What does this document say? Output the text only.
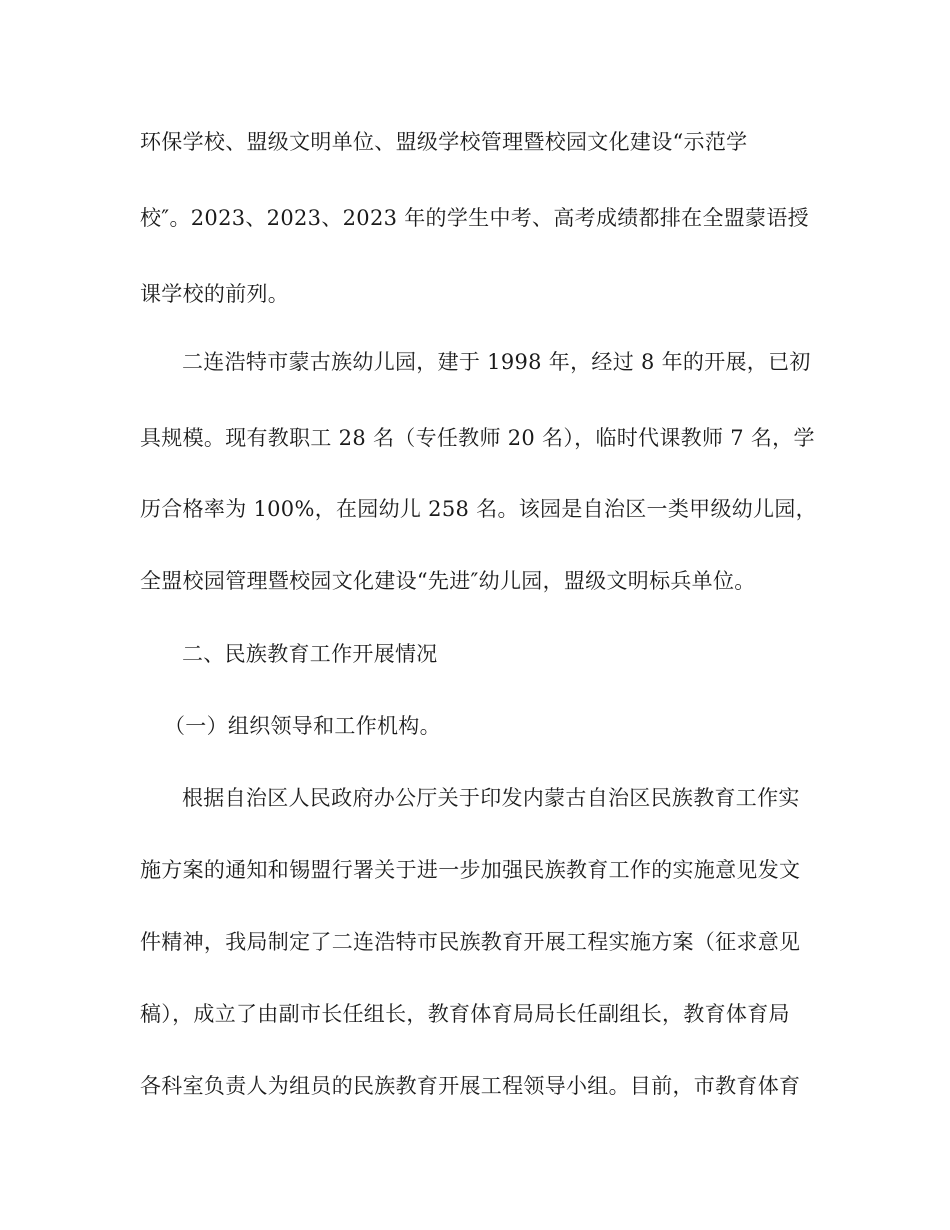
环保学校、盟级文明单位、盟级学校管理暨校园文化建设“示范学

校″。2023、2023、2023 年的学生中考、高考成绩都排在全盟蒙语授

课学校的前列。

二连浩特市蒙古族幼儿园，建于 1998 年，经过 8 年的开展，已初

具规模。现有教职工 28 名（专任教师 20 名），临时代课教师 7 名，学

历合格率为 100%，在园幼儿 258 名。该园是自治区一类甲级幼儿园，

全盟校园管理暨校园文化建设“先进″幼儿园，盟级文明标兵单位。

二、民族教育工作开展情况

（一）组织领导和工作机构。

根据自治区人民政府办公厅关于印发内蒙古自治区民族教育工作实

施方案的通知和锡盟行署关于进一步加强民族教育工作的实施意见发文

件精神，我局制定了二连浩特市民族教育开展工程实施方案（征求意见

稿），成立了由副市长任组长，教育体育局局长任副组长，教育体育局

各科室负责人为组员的民族教育开展工程领导小组。目前，市教育体育
